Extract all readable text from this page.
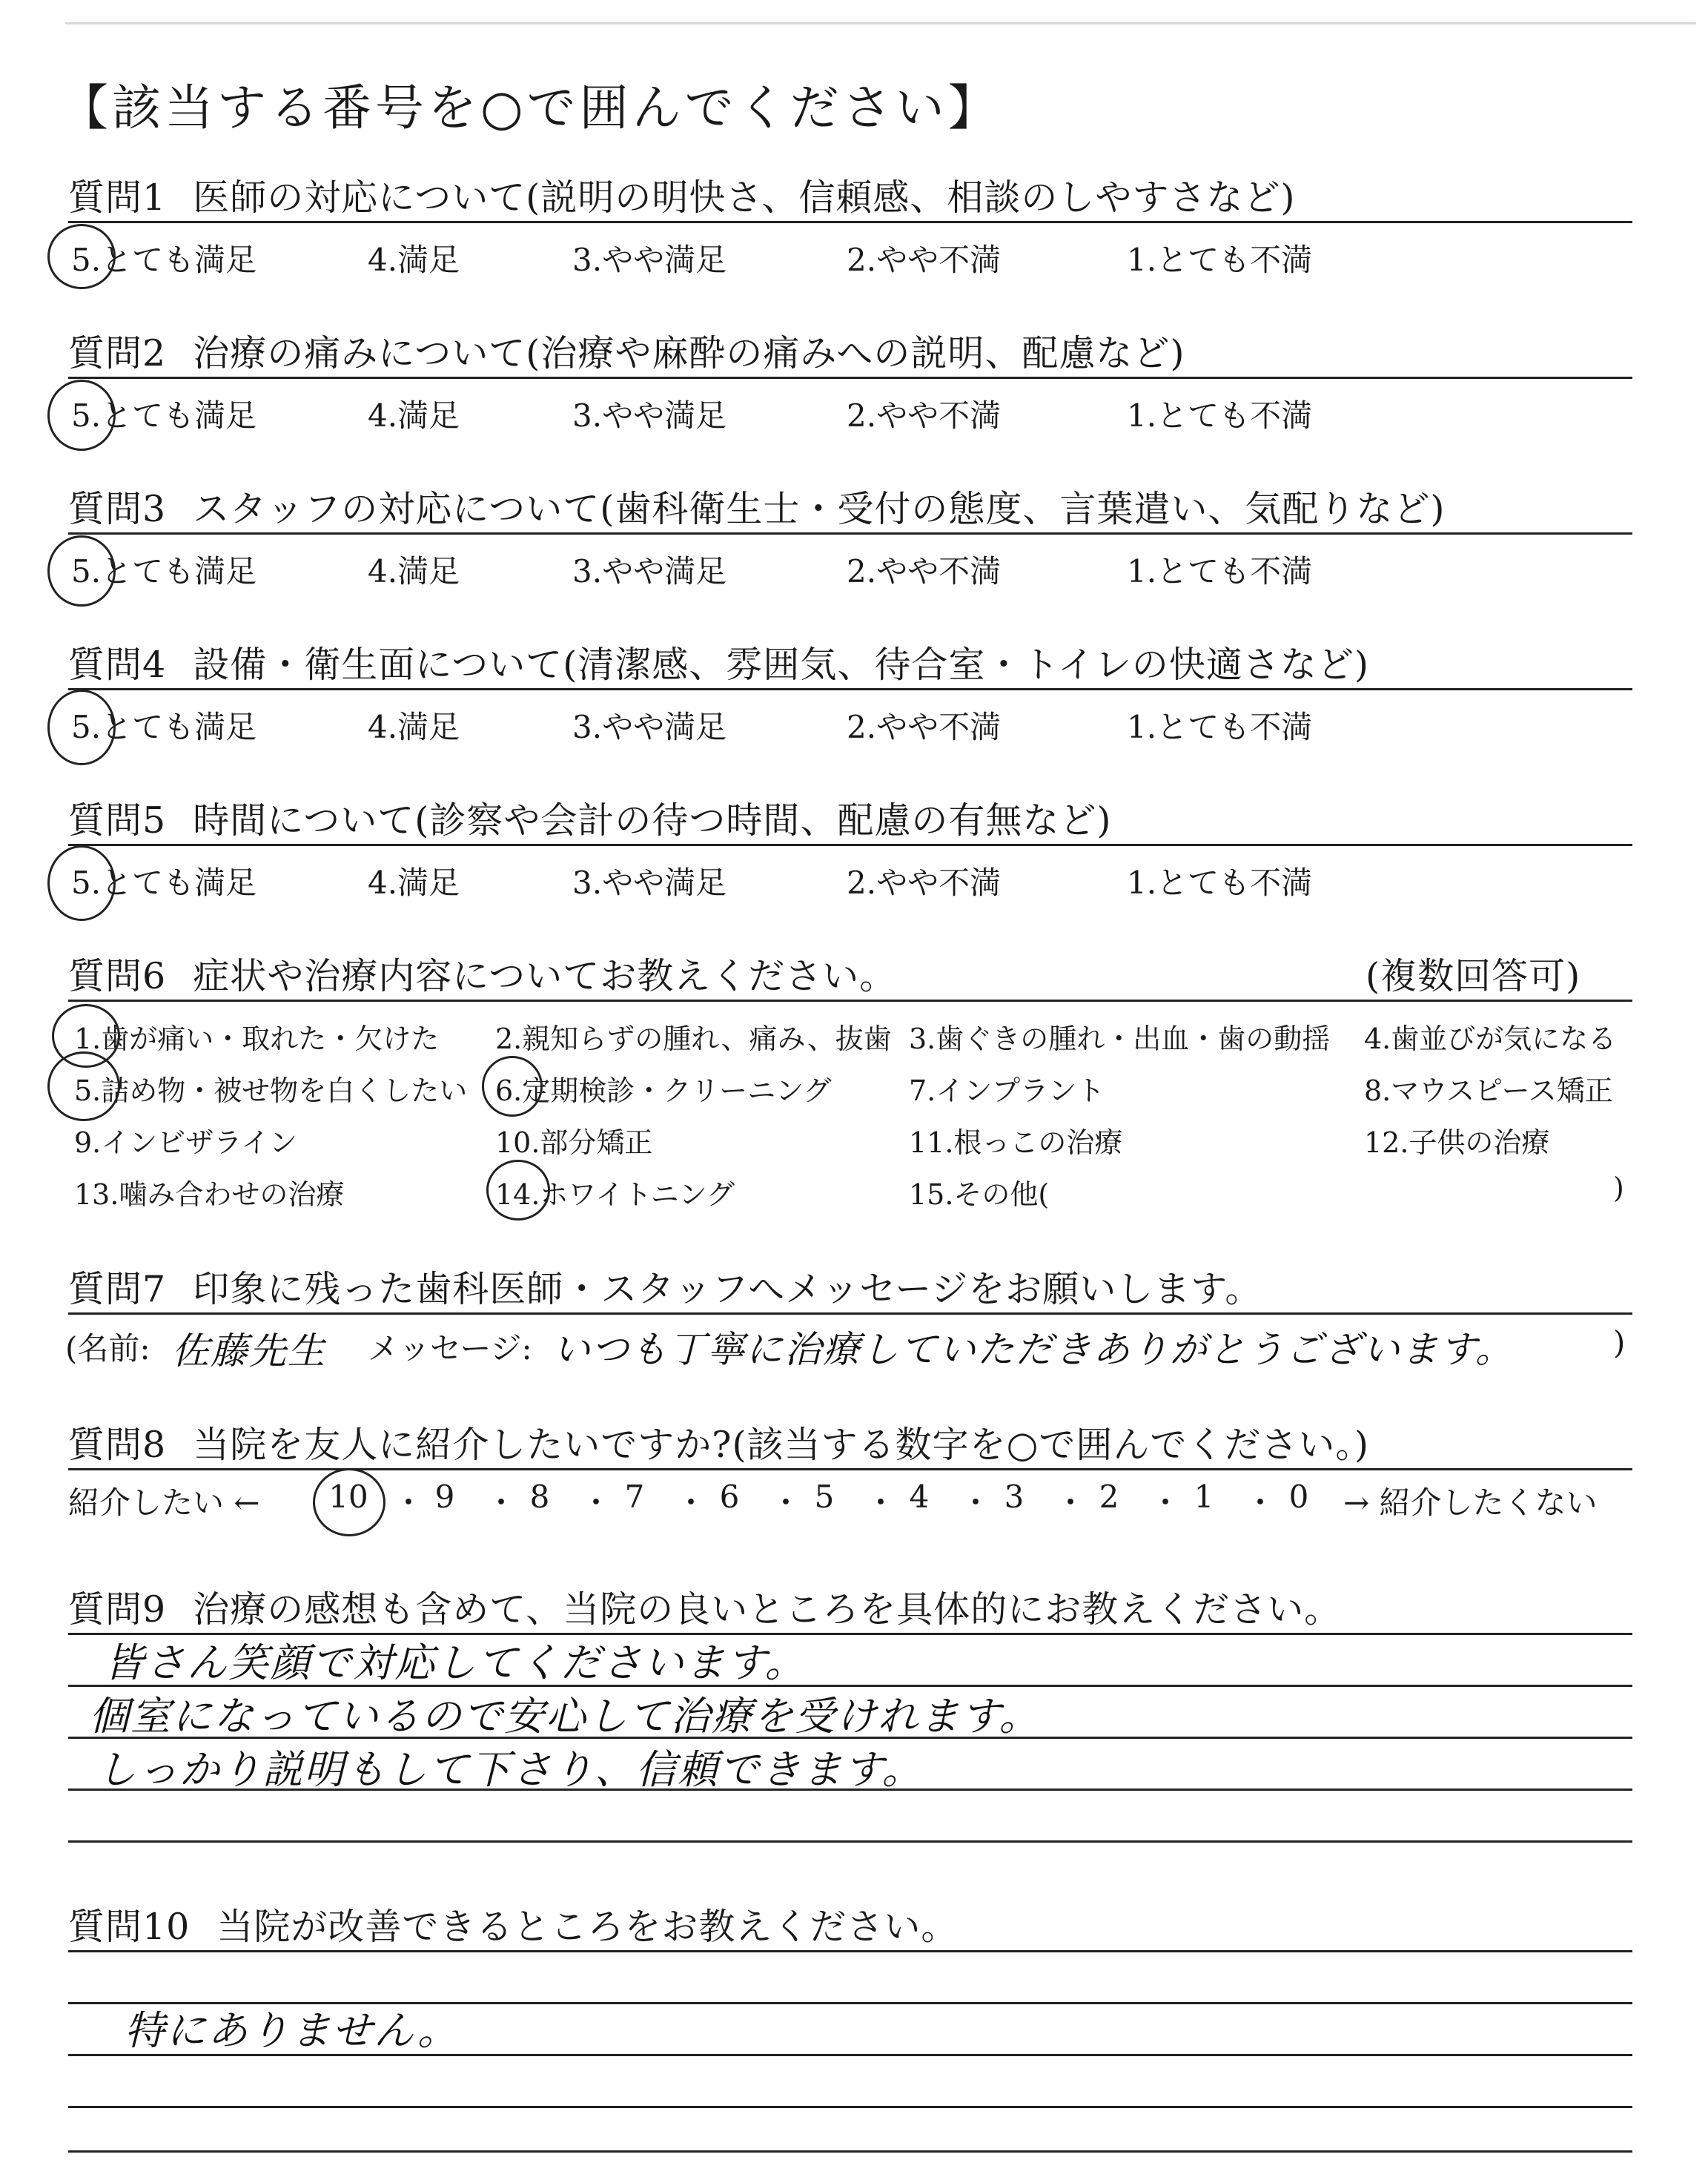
【該当する番号を○で囲んでください】
質問1 医師の対応について(説明の明快さ、信頼感、相談のしやすさなど)
5.とても満足	4.満足	3.やや満足	2.やや不満	1.とても不満
質問2 治療の痛みについて(治療や麻酔の痛みへの説明、配慮など)
5.とても満足	4.満足	3.やや満足	2.やや不満	1.とても不満
質問3 スタッフの対応について(歯科衛生士・受付の態度、言葉遣い、気配りなど)
5.とても満足	4.満足	3.やや満足	2.やや不満	1.とても不満
質問4 設備・衛生面について(清潔感、雰囲気、待合室・トイレの快適さなど)
5.とても満足	4.満足	3.やや満足	2.やや不満	1.とても不満
質問5 時間について(診察や会計の待つ時間、配慮の有無など)
5.とても満足	4.満足	3.やや満足	2.やや不満	1.とても不満
質問6 症状や治療内容についてお教えください。	(複数回答可)
1.歯が痛い・取れた・欠けた 2.親知らずの腫れ、痛み、抜歯 3.歯ぐきの腫れ・出血・歯の動揺 4.歯並びが気になる
5.詰め物・被せ物を白くしたい 6.定期検診・クリーニング	7.インプラント	8.マウスピース矯正
9.インビザライン	10.部分矯正	11.根っこの治療	12.子供の治療
13.噛み合わせの治療	14.ホワイトニング	15.その他(	)
質問7 印象に残った歯科医師・スタッフへメッセージをお願いします。
(名前: 佐藤先生 メッセージ: いつも丁寧に治療していただきありがとうございます。	)
質問8 当院を友人に紹介したいですか?(該当する数字を○で囲んでください。)
紹介したい ← 10 ・ 9 ・ 8 ・ 7 ・ 6 ・ 5 ・ 4 ・ 3 ・ 2 ・ 1 ・ 0	→ 紹介したくない
質問9 治療の感想も含めて、当院の良いところを具体的にお教えください。
皆さん笑顔で対応してくださいます。
個室になっているので安心して治療を受けれます。
しっかり説明もして下さり、信頼できます。
質問10 当院が改善できるところをお教えください。
特にありません。
